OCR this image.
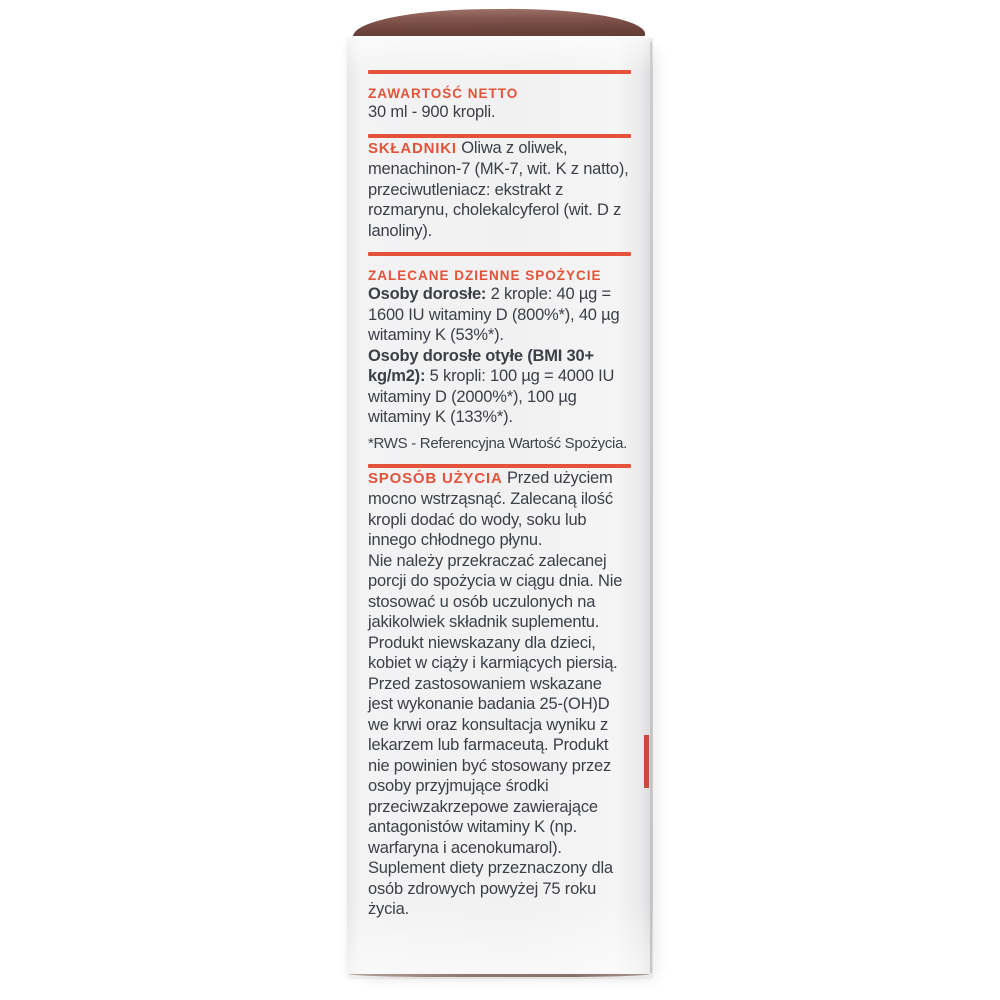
ZAWARTOŚĆ NETTO

30 ml - 900 kropli.

SKŁADNIKI Oliwa z oliwek, menachinon-7 (MK-7, wit. K z natto), przeciwutleniacz: ekstrakt z rozmarynu, cholekalcyferol (wit. D z lanoliny).

ZALECANE DZIENNE SPOŻYCIE

Osoby dorosłe: 2 krople: 40 µg = 1600 IU witaminy D (800%*), 40 µg witaminy K (53%*).

Osoby dorosłe otyłe (BMI 30+ kg/m2): 5 kropli: 100 µg = 4000 IU witaminy D (2000%*), 100 µg witaminy K (133%*).

*RWS - Referencyjna Wartość Spożycia.

SPOSÓB UŻYCIA Przed użyciem mocno wstrząsnąć. Zalecaną ilość kropli dodać do wody, soku lub innego chłodnego płynu.

Nie należy przekraczać zalecanej porcji do spożycia w ciągu dnia. Nie stosować u osób uczulonych na jakikolwiek składnik suplementu. Produkt niewskazany dla dzieci, kobiet w ciąży i karmiących piersią. Przed zastosowaniem wskazane jest wykonanie badania 25-(OH)D we krwi oraz konsultacja wyniku z lekarzem lub farmaceutą. Produkt nie powinien być stosowany przez osoby przyjmujące środki przeciwzakrzepowe zawierające antagonistów witaminy K (np. warfaryna i acenokumarol). Suplement diety przeznaczony dla osób zdrowych powyżej 75 roku życia.
